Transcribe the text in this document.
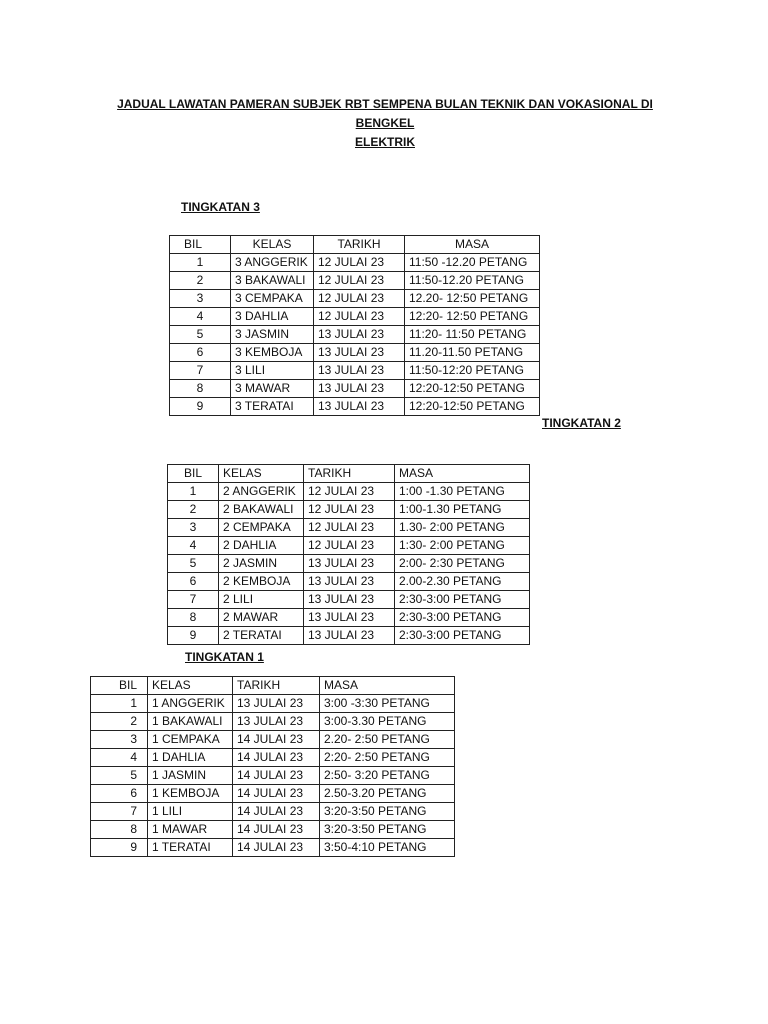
JADUAL LAWATAN PAMERAN SUBJEK RBT SEMPENA BULAN TEKNIK DAN VOKASIONAL DI BENGKEL
ELEKTRIK
TINGKATAN 3
BIL	KELAS	TARIKH	MASA
1	3 ANGGERIK	12 JULAI 23	11:50 -12.20 PETANG
2	3 BAKAWALI	12 JULAI 23	11:50-12.20 PETANG
3	3 CEMPAKA	12 JULAI 23	12.20- 12:50 PETANG
4	3 DAHLIA	12 JULAI 23	12:20- 12:50 PETANG
5	3 JASMIN	13 JULAI 23	11:20- 11:50 PETANG
6	3 KEMBOJA	13 JULAI 23	11.20-11.50 PETANG
7	3 LILI	13 JULAI 23	11:50-12:20 PETANG
8	3 MAWAR	13 JULAI 23	12:20-12:50 PETANG
9	3 TERATAI	13 JULAI 23	12:20-12:50 PETANG
TINGKATAN 2
BIL	KELAS	TARIKH	MASA
1	2 ANGGERIK	12 JULAI 23	1:00 -1.30 PETANG
2	2 BAKAWALI	12 JULAI 23	1:00-1.30 PETANG
3	2 CEMPAKA	12 JULAI 23	1.30- 2:00 PETANG
4	2 DAHLIA	12 JULAI 23	1:30- 2:00 PETANG
5	2 JASMIN	13 JULAI 23	2:00- 2:30 PETANG
6	2 KEMBOJA	13 JULAI 23	2.00-2.30 PETANG
7	2 LILI	13 JULAI 23	2:30-3:00 PETANG
8	2 MAWAR	13 JULAI 23	2:30-3:00 PETANG
9	2 TERATAI	13 JULAI 23	2:30-3:00 PETANG
TINGKATAN 1
BIL	KELAS	TARIKH	MASA
1	1 ANGGERIK	13 JULAI 23	3:00 -3:30 PETANG
2	1 BAKAWALI	13 JULAI 23	3:00-3.30 PETANG
3	1 CEMPAKA	14 JULAI 23	2.20- 2:50 PETANG
4	1 DAHLIA	14 JULAI 23	2:20- 2:50 PETANG
5	1 JASMIN	14 JULAI 23	2:50- 3:20 PETANG
6	1 KEMBOJA	14 JULAI 23	2.50-3.20 PETANG
7	1 LILI	14 JULAI 23	3:20-3:50 PETANG
8	1 MAWAR	14 JULAI 23	3:20-3:50 PETANG
9	1 TERATAI	14 JULAI 23	3:50-4:10 PETANG
